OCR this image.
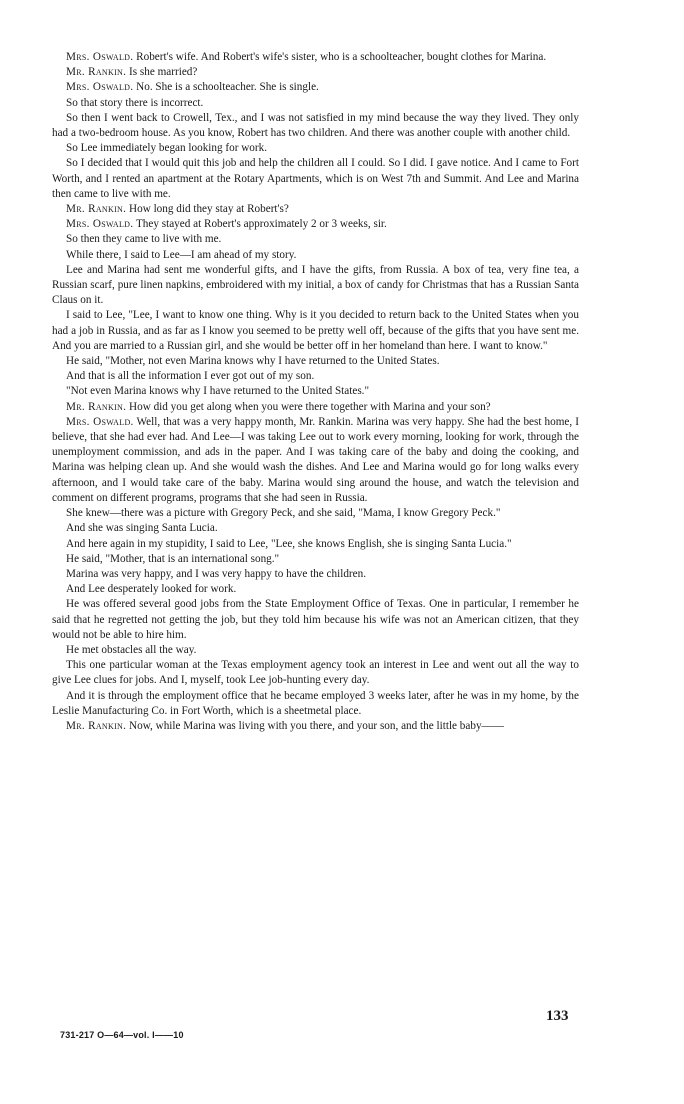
Mrs. Oswald. Robert's wife. And Robert's wife's sister, who is a schoolteacher, bought clothes for Marina.

Mr. Rankin. Is she married?

Mrs. Oswald. No. She is a schoolteacher. She is single.

So that story there is incorrect.

So then I went back to Crowell, Tex., and I was not satisfied in my mind because the way they lived. They only had a two-bedroom house. As you know, Robert has two children. And there was another couple with another child.

So Lee immediately began looking for work.

So I decided that I would quit this job and help the children all I could. So I did. I gave notice. And I came to Fort Worth, and I rented an apartment at the Rotary Apartments, which is on West 7th and Summit. And Lee and Marina then came to live with me.

Mr. Rankin. How long did they stay at Robert's?

Mrs. Oswald. They stayed at Robert's approximately 2 or 3 weeks, sir.

So then they came to live with me.

While there, I said to Lee—I am ahead of my story.

Lee and Marina had sent me wonderful gifts, and I have the gifts, from Russia. A box of tea, very fine tea, a Russian scarf, pure linen napkins, embroidered with my initial, a box of candy for Christmas that has a Russian Santa Claus on it.

I said to Lee, "Lee, I want to know one thing. Why is it you decided to return back to the United States when you had a job in Russia, and as far as I know you seemed to be pretty well off, because of the gifts that you have sent me. And you are married to a Russian girl, and she would be better off in her homeland than here. I want to know."

He said, "Mother, not even Marina knows why I have returned to the United States.

And that is all the information I ever got out of my son.

"Not even Marina knows why I have returned to the United States."

Mr. Rankin. How did you get along when you were there together with Marina and your son?

Mrs. Oswald. Well, that was a very happy month, Mr. Rankin. Marina was very happy. She had the best home, I believe, that she had ever had. And Lee—I was taking Lee out to work every morning, looking for work, through the unemployment commission, and ads in the paper. And I was taking care of the baby and doing the cooking, and Marina was helping clean up. And she would wash the dishes. And Lee and Marina would go for long walks every afternoon, and I would take care of the baby. Marina would sing around the house, and watch the television and comment on different programs, programs that she had seen in Russia.

She knew—there was a picture with Gregory Peck, and she said, "Mama, I know Gregory Peck."

And she was singing Santa Lucia.

And here again in my stupidity, I said to Lee, "Lee, she knows English, she is singing Santa Lucia."

He said, "Mother, that is an international song."

Marina was very happy, and I was very happy to have the children.

And Lee desperately looked for work.

He was offered several good jobs from the State Employment Office of Texas. One in particular, I remember he said that he regretted not getting the job, but they told him because his wife was not an American citizen, that they would not be able to hire him.

He met obstacles all the way.

This one particular woman at the Texas employment agency took an interest in Lee and went out all the way to give Lee clues for jobs. And I, myself, took Lee job-hunting every day.

And it is through the employment office that he became employed 3 weeks later, after he was in my home, by the Leslie Manufacturing Co. in Fort Worth, which is a sheetmetal place.

Mr. Rankin. Now, while Marina was living with you there, and your son, and the little baby——

133
731-217 O—64—vol. I——10
